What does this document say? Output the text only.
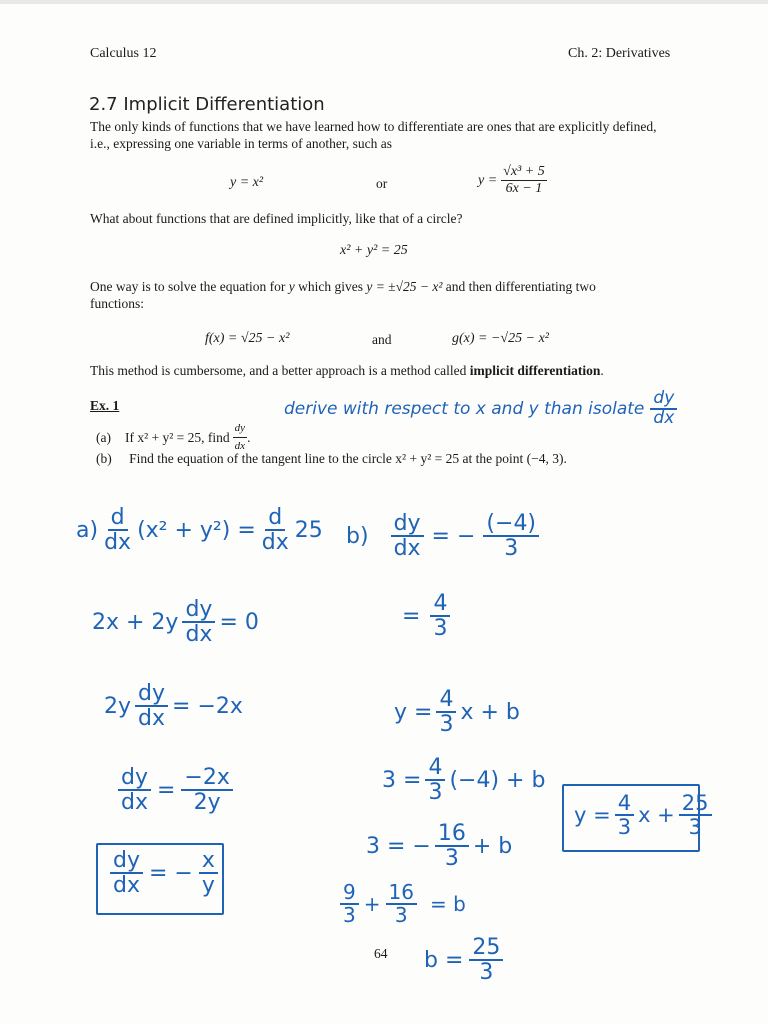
Calculus 12	Ch. 2: Derivatives
2.7 Implicit Differentiation
The only kinds of functions that we have learned how to differentiate are ones that are explicitly defined,
i.e., expressing one variable in terms of another, such as
y = x²	or	$y = \frac{\text{√x³ + 5}}{6x - 1}$
What about functions that are defined implicitly, like that of a circle?
x² + y² = 25
One way is to solve the equation for y which gives y = ±√25 − x² and then differentiating two
functions:
f(x) = √25 − x²	and	g(x) = −√25 − x²
This method is cumbersome, and a better approach is a method called implicit differentiation.
Ex. 1
(a) If x² + y² = 25, find $\frac{dy}{dx}$ .
(b) Find the equation of the tangent line to the circle x² + y² = 25 at the point (−4, 3).
derive with respect to x and y than isolate $\frac{dy}{dx}$
$a) \frac{d}{dx} (x^2 + y^2) = \frac{d}{dx} 25$
$2x + 2y \frac{dy}{dx} = 0$
$2y \frac{dy}{dx} = -2x$
$\frac{dy}{dx} = \frac{-2x}{2y}$
$\frac{dy}{dx}$ = − $\frac{x}{y}$
$b) \frac{dy}{dx}$ = − $\frac{(-4)}{3}$
= $\frac{4}{3}$
$y = \frac{4}{3}$ x + b
$3 = \frac{4}{3} (-4) + b$
3 = − $\frac{16}{3} + b$
$\frac{9}{3} + \frac{16}{3} = b$
64 $b = \frac{25}{3}$
$y = \frac{4}{3}$ $x + \frac{25}{3}$
